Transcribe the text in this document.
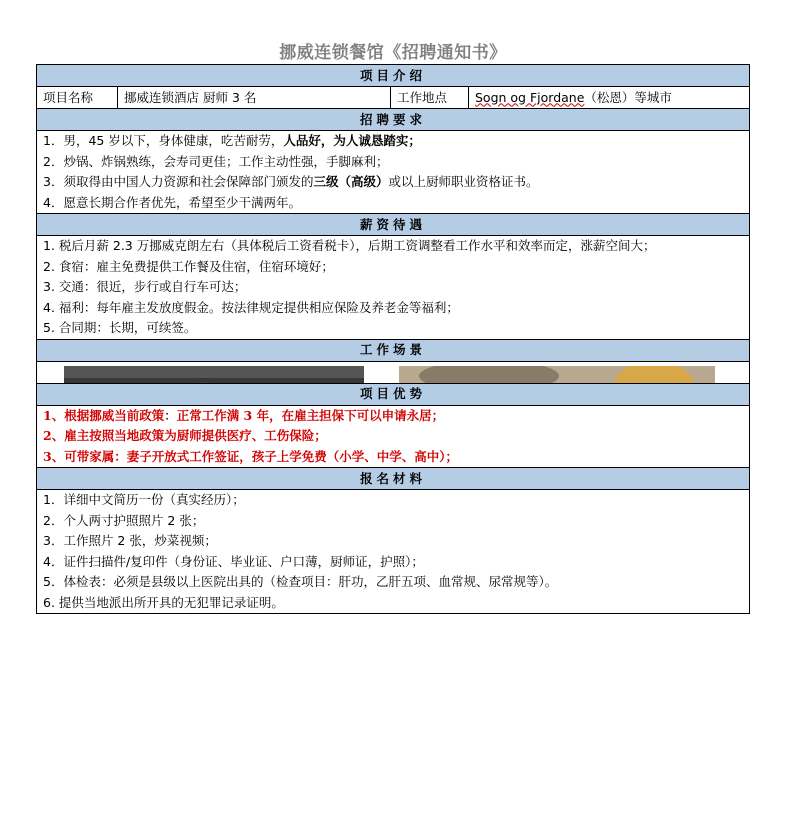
挪威连锁餐馆《招聘通知书》
项目介绍
项目名称	挪威连锁酒店 厨师 3 名	工作地点	Sogn og Fjordane（松恩）等城市
招聘要求

1．男，45 岁以下，身体健康，吃苦耐劳，人品好，为人诚恳踏实；
2．炒锅、炸锅熟练，会寿司更佳；工作主动性强，手脚麻利；
3．须取得由中国人力资源和社会保障部门颁发的三级（高级）或以上厨师职业资格证书。
4．愿意长期合作者优先，希望至少干满两年。

薪资待遇

1. 税后月薪 2.3 万挪威克朗左右（具体税后工资看税卡），后期工资调整看工作水平和效率而定，涨薪空间大；
2. 食宿：雇主免费提供工作餐及住宿，住宿环境好；
3. 交通：很近，步行或自行车可达；
4. 福利：每年雇主发放度假金。按法律规定提供相应保险及养老金等福利；
5. 合同期：长期，可续签。

工作场景

项目优势

1、根据挪威当前政策：正常工作满 3 年，在雇主担保下可以申请永居；
2、雇主按照当地政策为厨师提供医疗、工伤保险；
3、可带家属：妻子开放式工作签证，孩子上学免费（小学、中学、高中）；

报名材料

1．详细中文简历一份（真实经历）；
2．个人两寸护照照片 2 张；
3．工作照片 2 张，炒菜视频；
4．证件扫描件/复印件（身份证、毕业证、户口薄，厨师证，护照）；
5．体检表：必须是县级以上医院出具的（检查项目：肝功，乙肝五项、血常规、尿常规等）。
6. 提供当地派出所开具的无犯罪记录证明。
